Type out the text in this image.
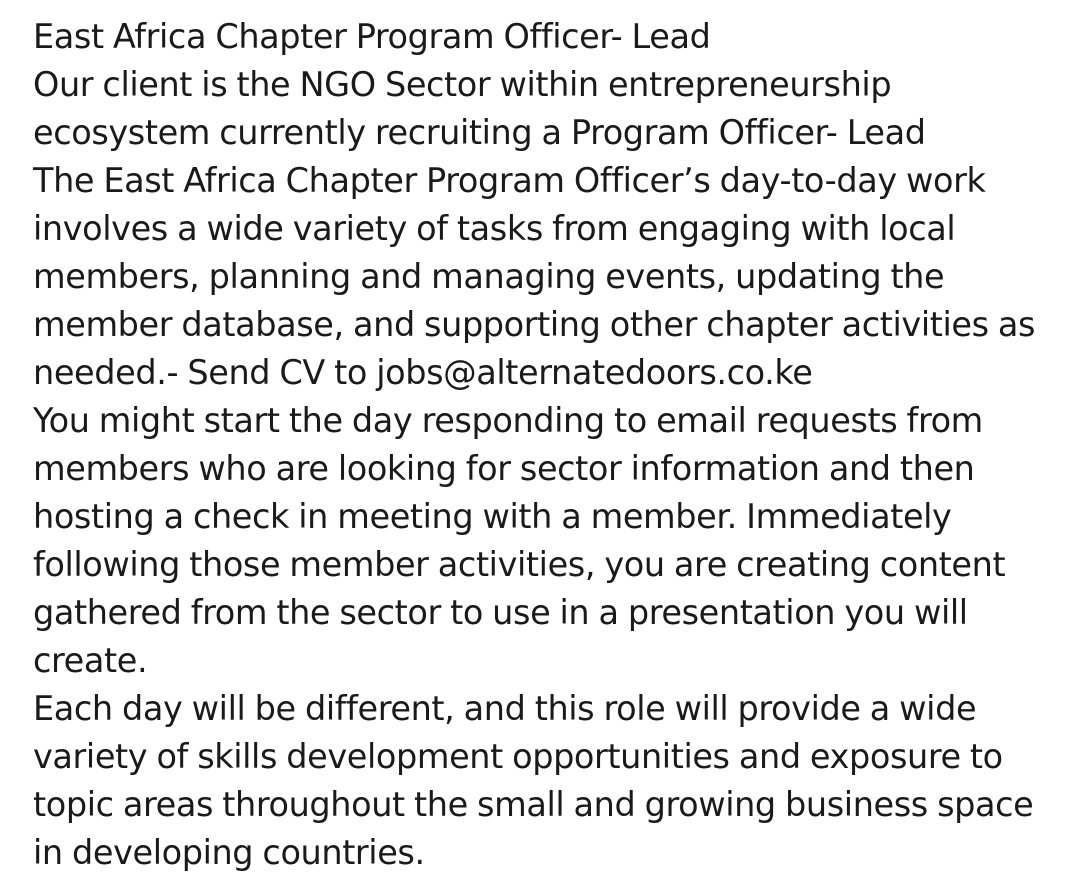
East Africa Chapter Program Officer- Lead
Our client is the NGO Sector within entrepreneurship
ecosystem currently recruiting a Program Officer- Lead
The East Africa Chapter Program Officer’s day-to-day work
involves a wide variety of tasks from engaging with local
members, planning and managing events, updating the
member database, and supporting other chapter activities as
needed.- Send CV to jobs@alternatedoors.co.ke
You might start the day responding to email requests from
members who are looking for sector information and then
hosting a check in meeting with a member. Immediately
following those member activities, you are creating content
gathered from the sector to use in a presentation you will
create.
Each day will be different, and this role will provide a wide
variety of skills development opportunities and exposure to
topic areas throughout the small and growing business space
in developing countries.
